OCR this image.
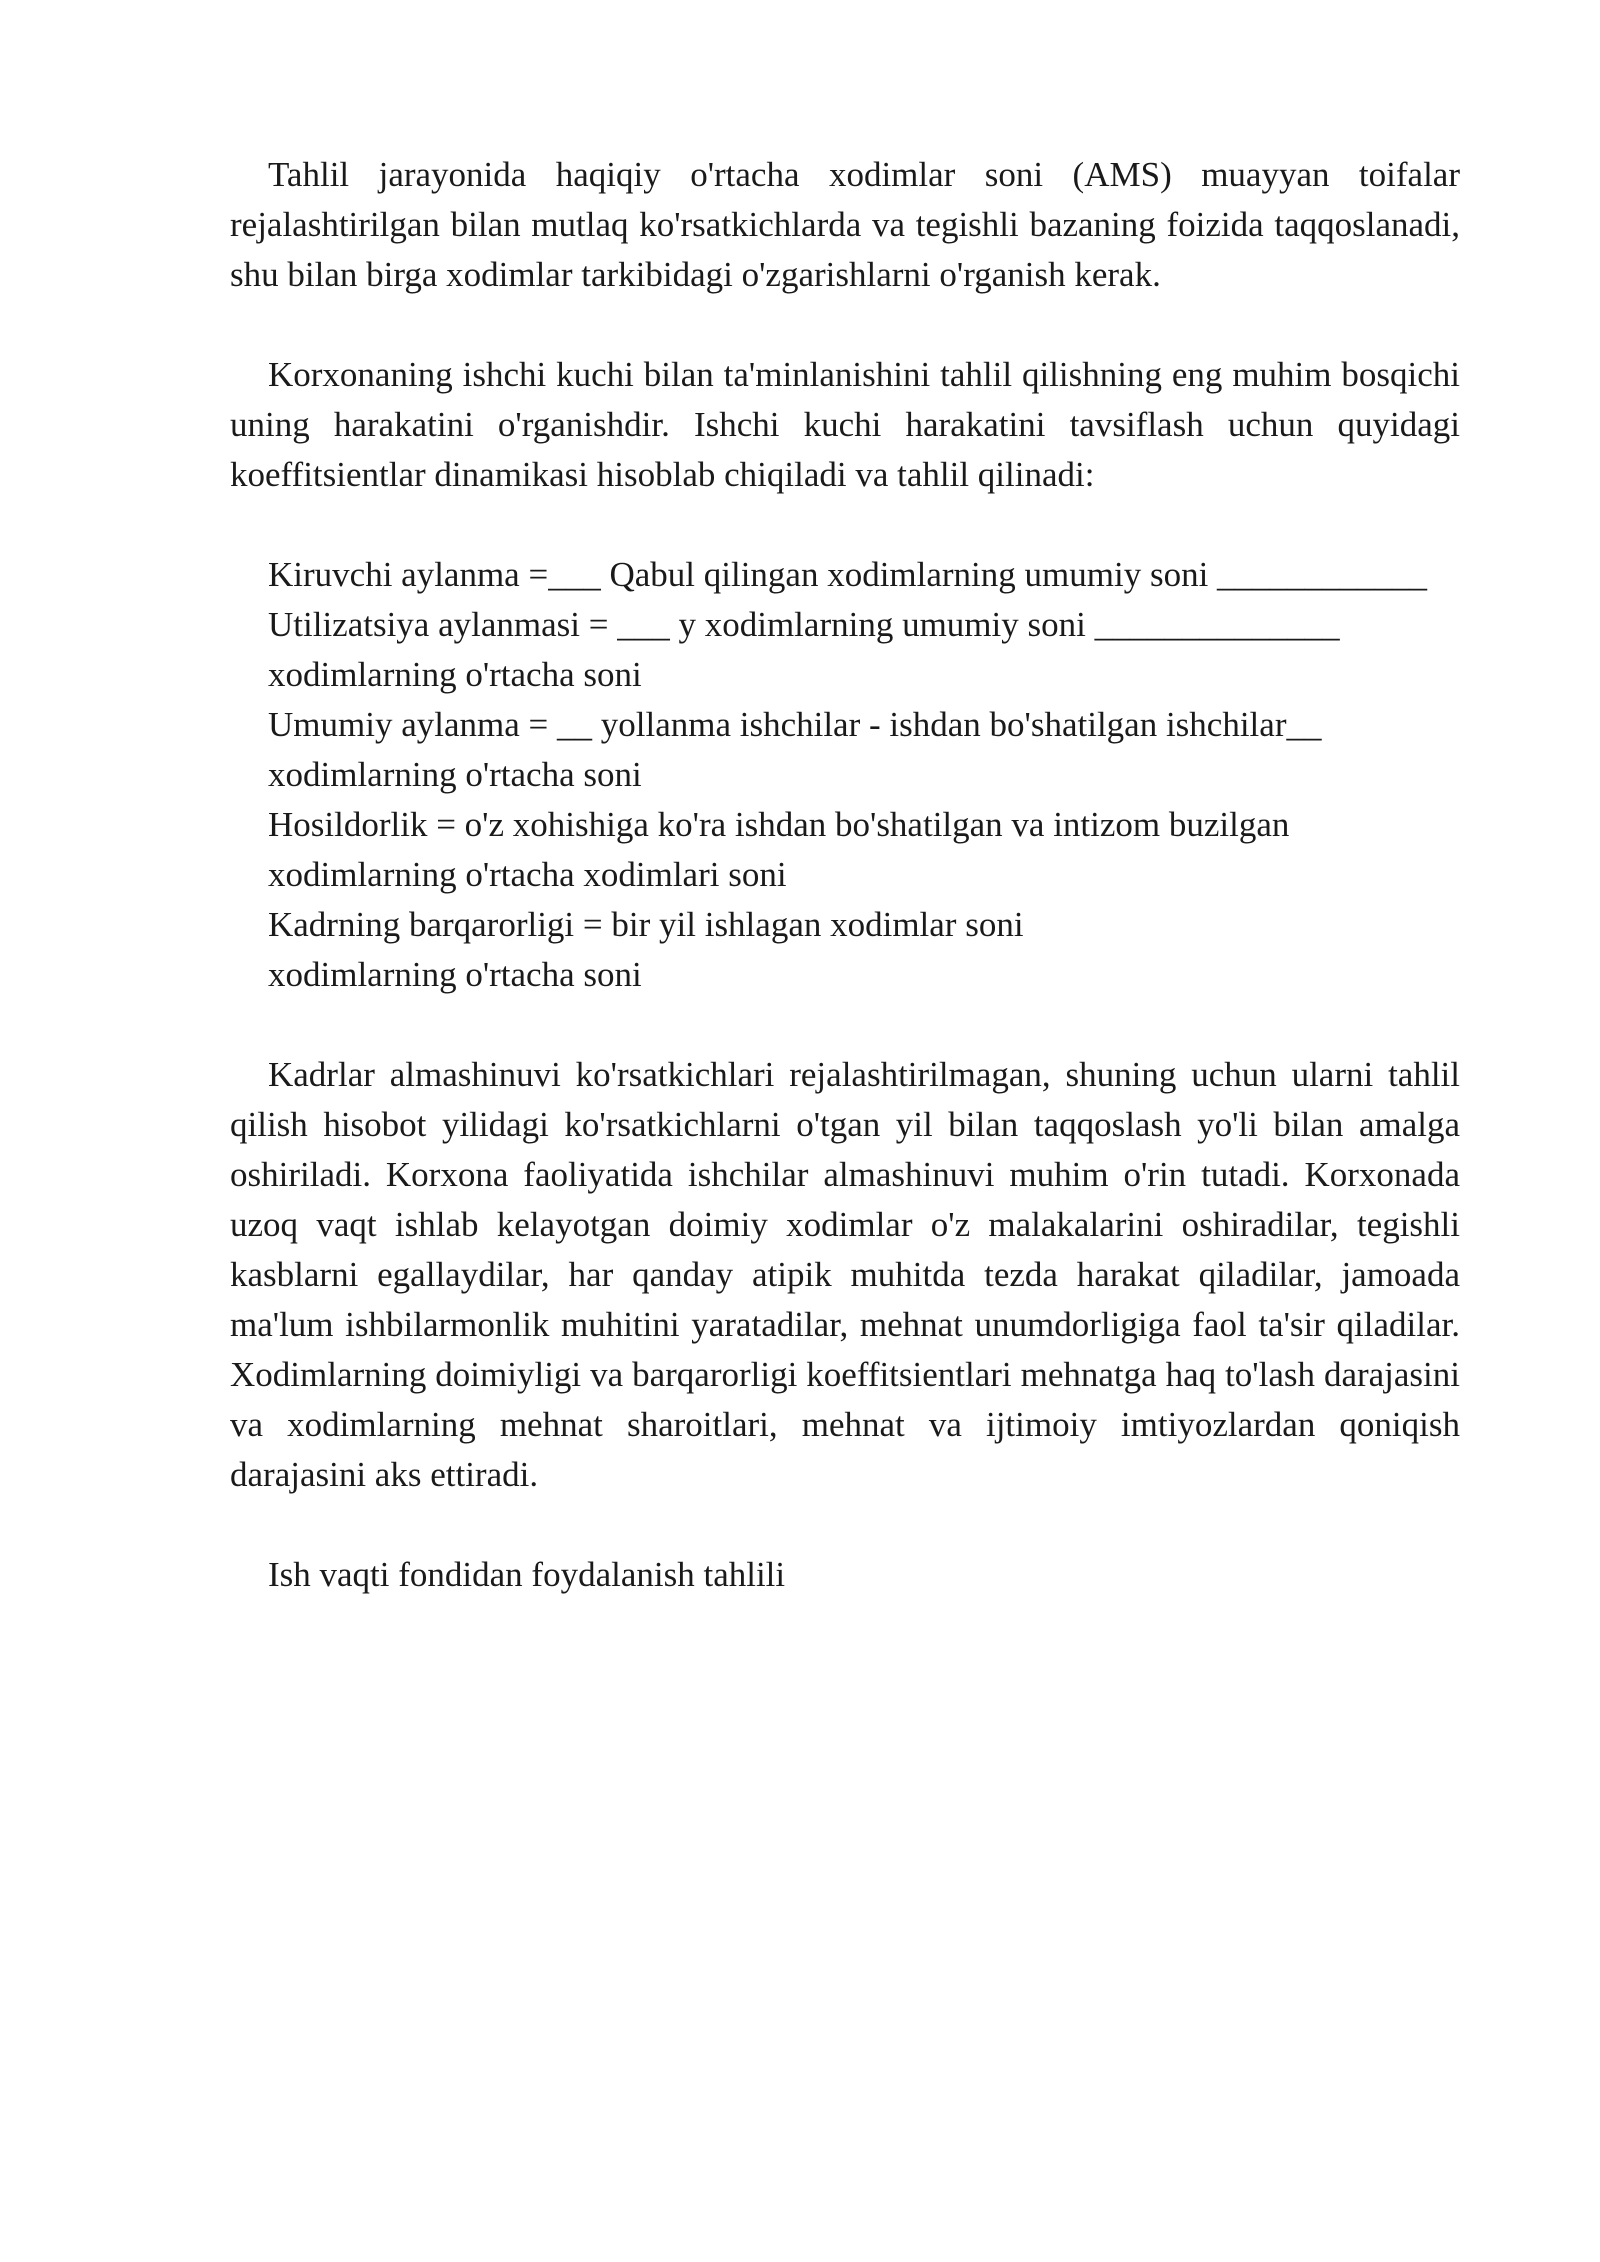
Tahlil jarayonida haqiqiy o'rtacha xodimlar soni (AMS) muayyan toifalar rejalashtirilgan bilan mutlaq ko'rsatkichlarda va tegishli bazaning foizida taqqoslanadi, shu bilan birga xodimlar tarkibidagi o'zgarishlarni o'rganish kerak.

Korxonaning ishchi kuchi bilan ta'minlanishini tahlil qilishning eng muhim bosqichi uning harakatini o'rganishdir. Ishchi kuchi harakatini tavsiflash uchun quyidagi koeffitsientlar dinamikasi hisoblab chiqiladi va tahlil qilinadi:

Kiruvchi aylanma =___ Qabul qilingan xodimlarning umumiy soni ____________

Utilizatsiya aylanmasi = ___ y xodimlarning umumiy soni ______________

xodimlarning o'rtacha soni

Umumiy aylanma = __ yollanma ishchilar - ishdan bo'shatilgan ishchilar__

xodimlarning o'rtacha soni

Hosildorlik = o'z xohishiga ko'ra ishdan bo'shatilgan va intizom buzilgan

xodimlarning o'rtacha xodimlari soni

Kadrning barqarorligi = bir yil ishlagan xodimlar soni

xodimlarning o'rtacha soni

Kadrlar almashinuvi ko'rsatkichlari rejalashtirilmagan, shuning uchun ularni tahlil qilish hisobot yilidagi ko'rsatkichlarni o'tgan yil bilan taqqoslash yo'li bilan amalga oshiriladi. Korxona faoliyatida ishchilar almashinuvi muhim o'rin tutadi. Korxonada uzoq vaqt ishlab kelayotgan doimiy xodimlar o'z malakalarini oshiradilar, tegishli kasblarni egallaydilar, har qanday atipik muhitda tezda harakat qiladilar, jamoada ma'lum ishbilarmonlik muhitini yaratadilar, mehnat unumdorligiga faol ta'sir qiladilar. Xodimlarning doimiyligi va barqarorligi koeffitsientlari mehnatga haq to'lash darajasini va xodimlarning mehnat sharoitlari, mehnat va ijtimoiy imtiyozlardan qoniqish darajasini aks ettiradi.

Ish vaqti fondidan foydalanish tahlili
